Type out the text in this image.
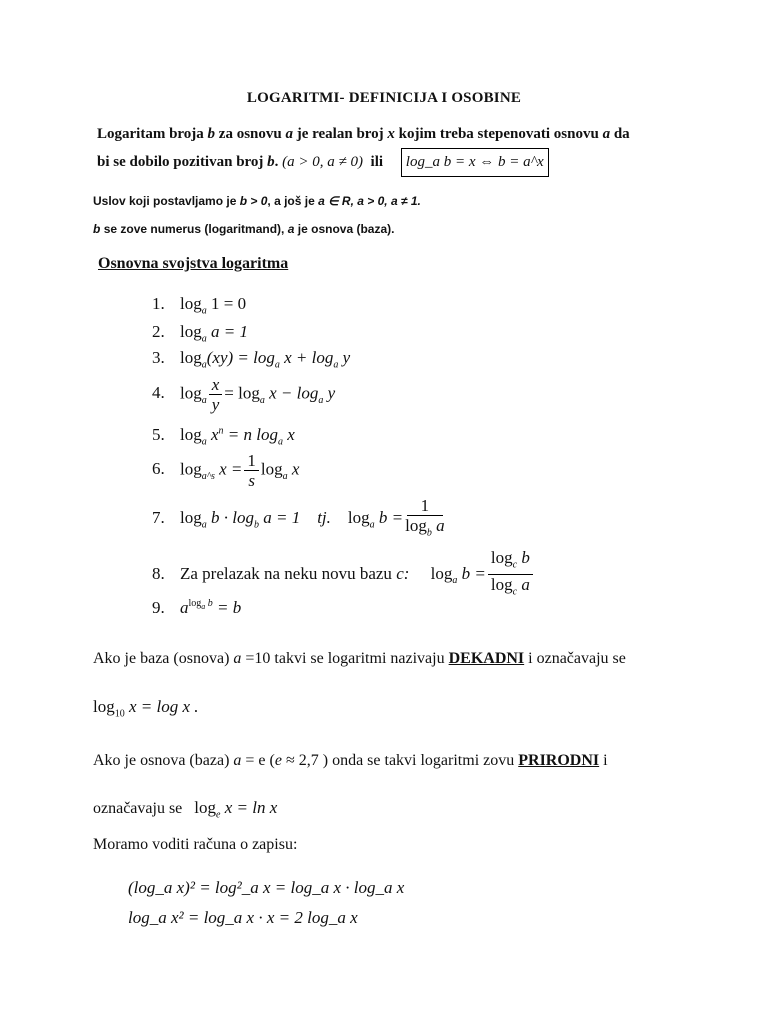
LOGARITMI- DEFINICIJA I OSOBINE
Logaritam broja b za osnovu a je realan broj x kojim treba stepenovati osnovu a da
bi se dobilo pozitivan broj b. (a > 0, a ≠ 0) ili log_a b = x ⇔ b = a^x
Uslov koji postavljamo je b > 0, a još je a ∈ R, a > 0, a ≠ 1.
b se zove numerus (logaritmand), a je osnova (baza).
Osnovna svojstva logaritma
1. $\log_a 1 = 0$
2. $\log_a a = 1$
3. $\log_a(xy) = \log_a x + \log_a y$
4. $\log_a \frac{x}{y} = \log_a x - \log_a y$
5. $\log_a x^n = n$ $\log_a x$
6. $\log_{a\^{}s} x = \frac{1}{s} \log_a x$
7. $\log_a b \cdot \log_b a = 1$ tj.    $\log_a b = \frac{1}{\log_b a}$
8. Za prelazak na neku novu bazu c:     $\log_a b = \frac{\log_c b}{\log_c a}$
9. $a^{log_a b} = b$
Ako je baza (osnova) a =10 takvi se logaritmi nazivaju DEKADNI i označavaju se
$\log_{10} x = \log x$ .
Ako je osnova (baza) a = e (e ≈ 2,7 ) onda se takvi logaritmi zovu PRIRODNI i
označavaju se $\log_e x = \ln x$
Moramo voditi računa o zapisu:
(log_a x)² = log²_a x = log_a x · log_a x
log_a x² = log_a x · x = 2 log_a x
